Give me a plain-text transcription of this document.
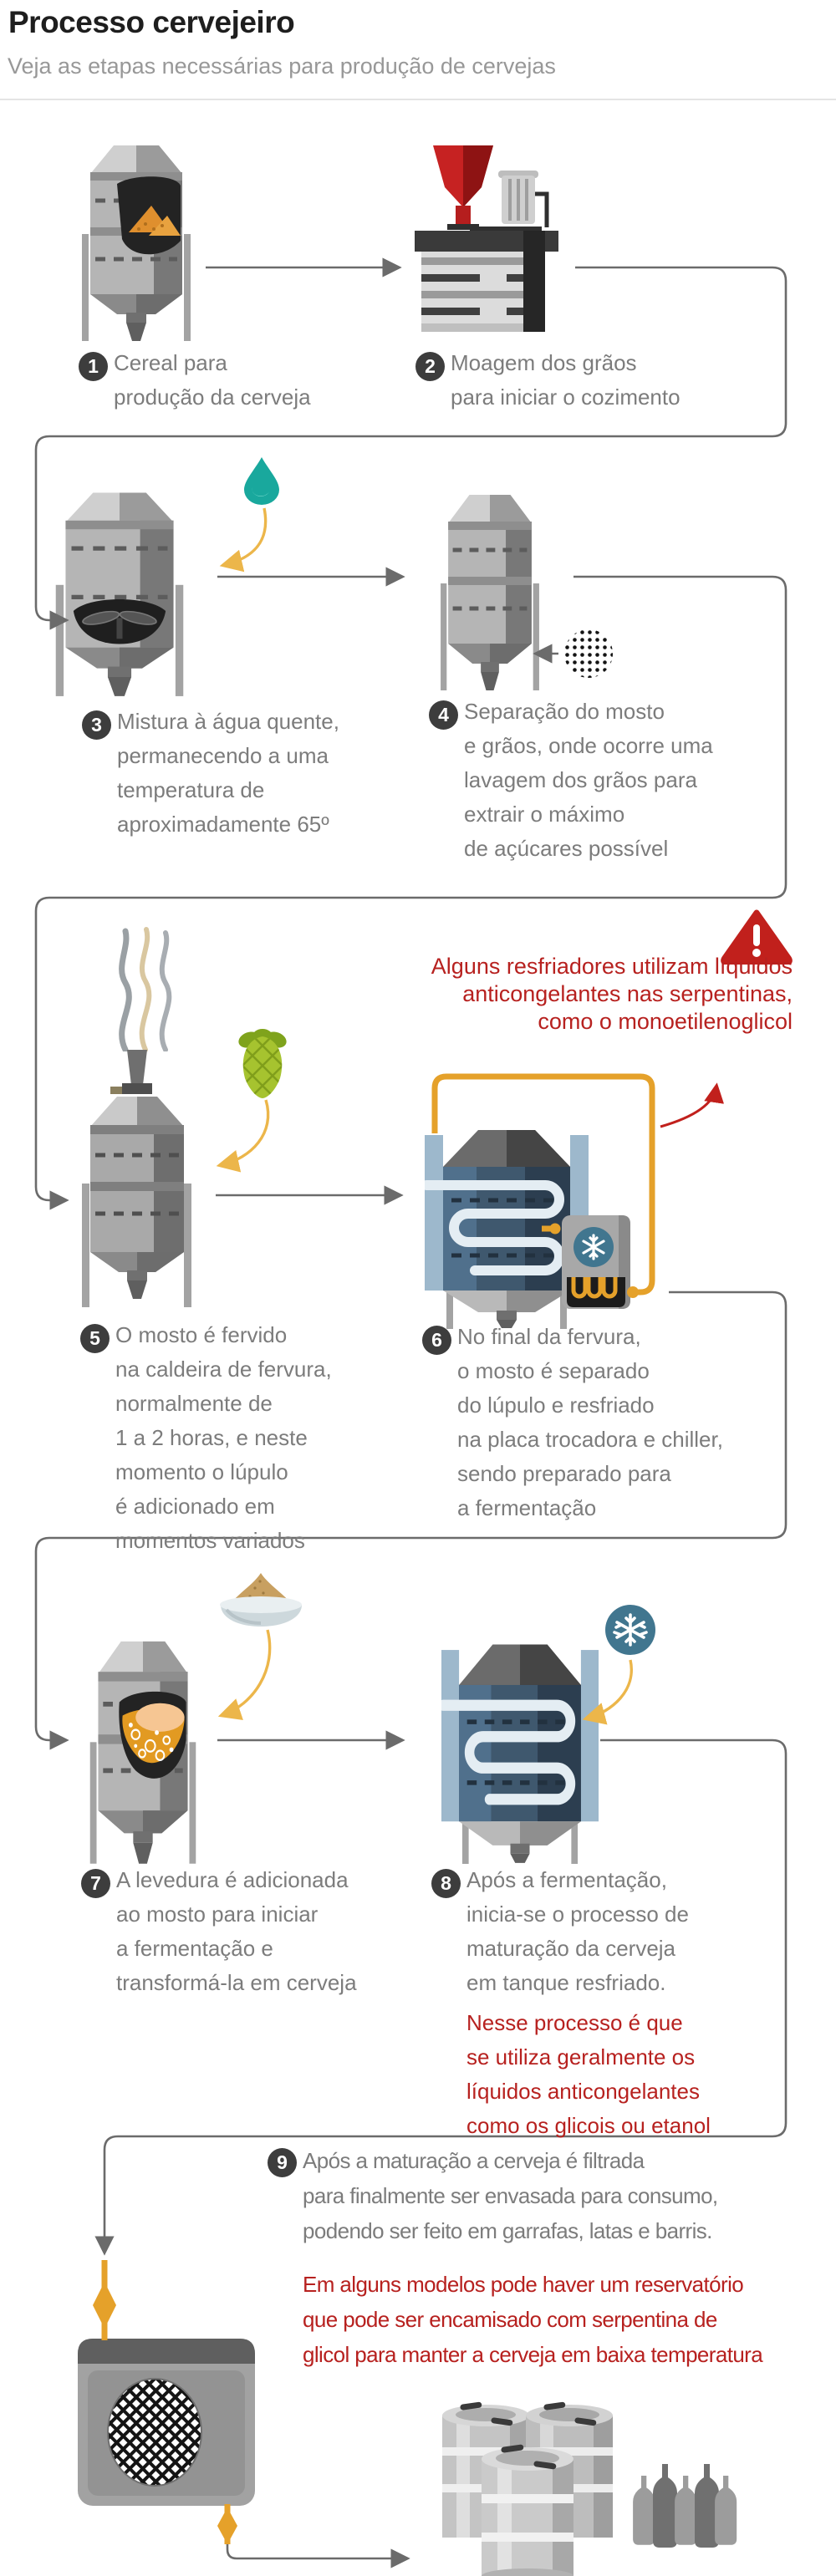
Processo cervejeiro
Veja as etapas necessárias para produção de cervejas
1 Cereal para
produção da cerveja
2 Moagem dos grãos
para iniciar o cozimento
3 Mistura à água quente,
permanecendo a uma
temperatura de
aproximadamente 65º
4 Separação do mosto
e grãos, onde ocorre uma
lavagem dos grãos para
extrair o máximo
de açúcares possível
Alguns resfriadores utilizam líquidos
anticongelantes nas serpentinas,
como o monoetilenoglicol
5 O mosto é fervido
na caldeira de fervura,
normalmente de
1 a 2 horas, e neste
momento o lúpulo
é adicionado em
momentos variados
6 No final da fervura,
o mosto é separado
do lúpulo e resfriado
na placa trocadora e chiller,
sendo preparado para
a fermentação
7 A levedura é adicionada
ao mosto para iniciar
a fermentação e
transformá-la em cerveja
8 Após a fermentação,
inicia-se o processo de
maturação da cerveja
em tanque resfriado.
Nesse processo é que
se utiliza geralmente os
líquidos anticongelantes
como os glicois ou etanol
9 Após a maturação a cerveja é filtrada
para finalmente ser envasada para consumo,
podendo ser feito em garrafas, latas e barris.
Em alguns modelos pode haver um reservatório
que pode ser encamisado com serpentina de
glicol para manter a cerveja em baixa temperatura
